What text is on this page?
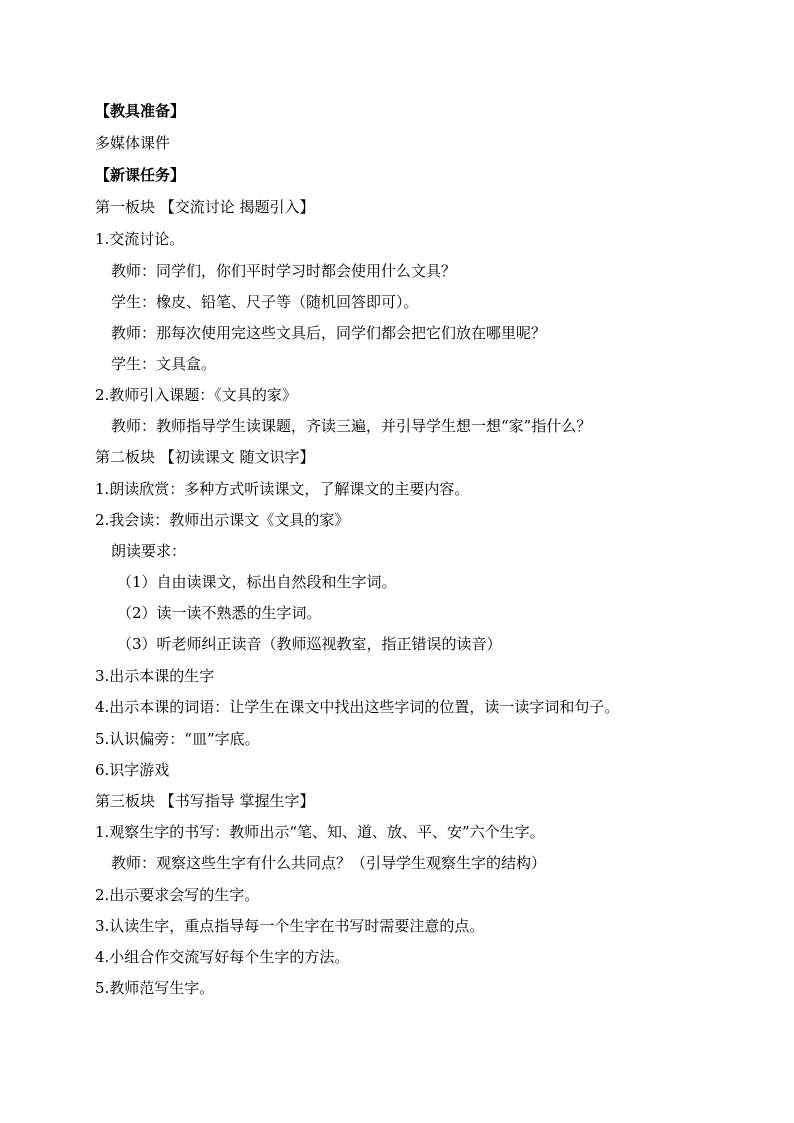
【教具准备】
多媒体课件
【新课任务】
第一板块 【交流讨论 揭题引入】
1.交流讨论。
教师：同学们，你们平时学习时都会使用什么文具？
学生：橡皮、铅笔、尺子等（随机回答即可）。
教师：那每次使用完这些文具后，同学们都会把它们放在哪里呢？
学生：文具盒。
2.教师引入课题：《文具的家》
教师：教师指导学生读课题，齐读三遍，并引导学生想一想“家”指什么？
第二板块 【初读课文 随文识字】
1.朗读欣赏：多种方式听读课文，了解课文的主要内容。
2.我会读：教师出示课文《文具的家》
朗读要求：
（1）自由读课文，标出自然段和生字词。
（2）读一读不熟悉的生字词。
（3）听老师纠正读音（教师巡视教室，指正错误的读音）
3.出示本课的生字
4.出示本课的词语：让学生在课文中找出这些字词的位置，读一读字词和句子。
5.认识偏旁：“皿”字底。
6.识字游戏
第三板块 【书写指导 掌握生字】
1.观察生字的书写：教师出示“笔、知、道、放、平、安”六个生字。
教师：观察这些生字有什么共同点？（引导学生观察生字的结构）
2.出示要求会写的生字。
3.认读生字，重点指导每一个生字在书写时需要注意的点。
4.小组合作交流写好每个生字的方法。
5.教师范写生字。
